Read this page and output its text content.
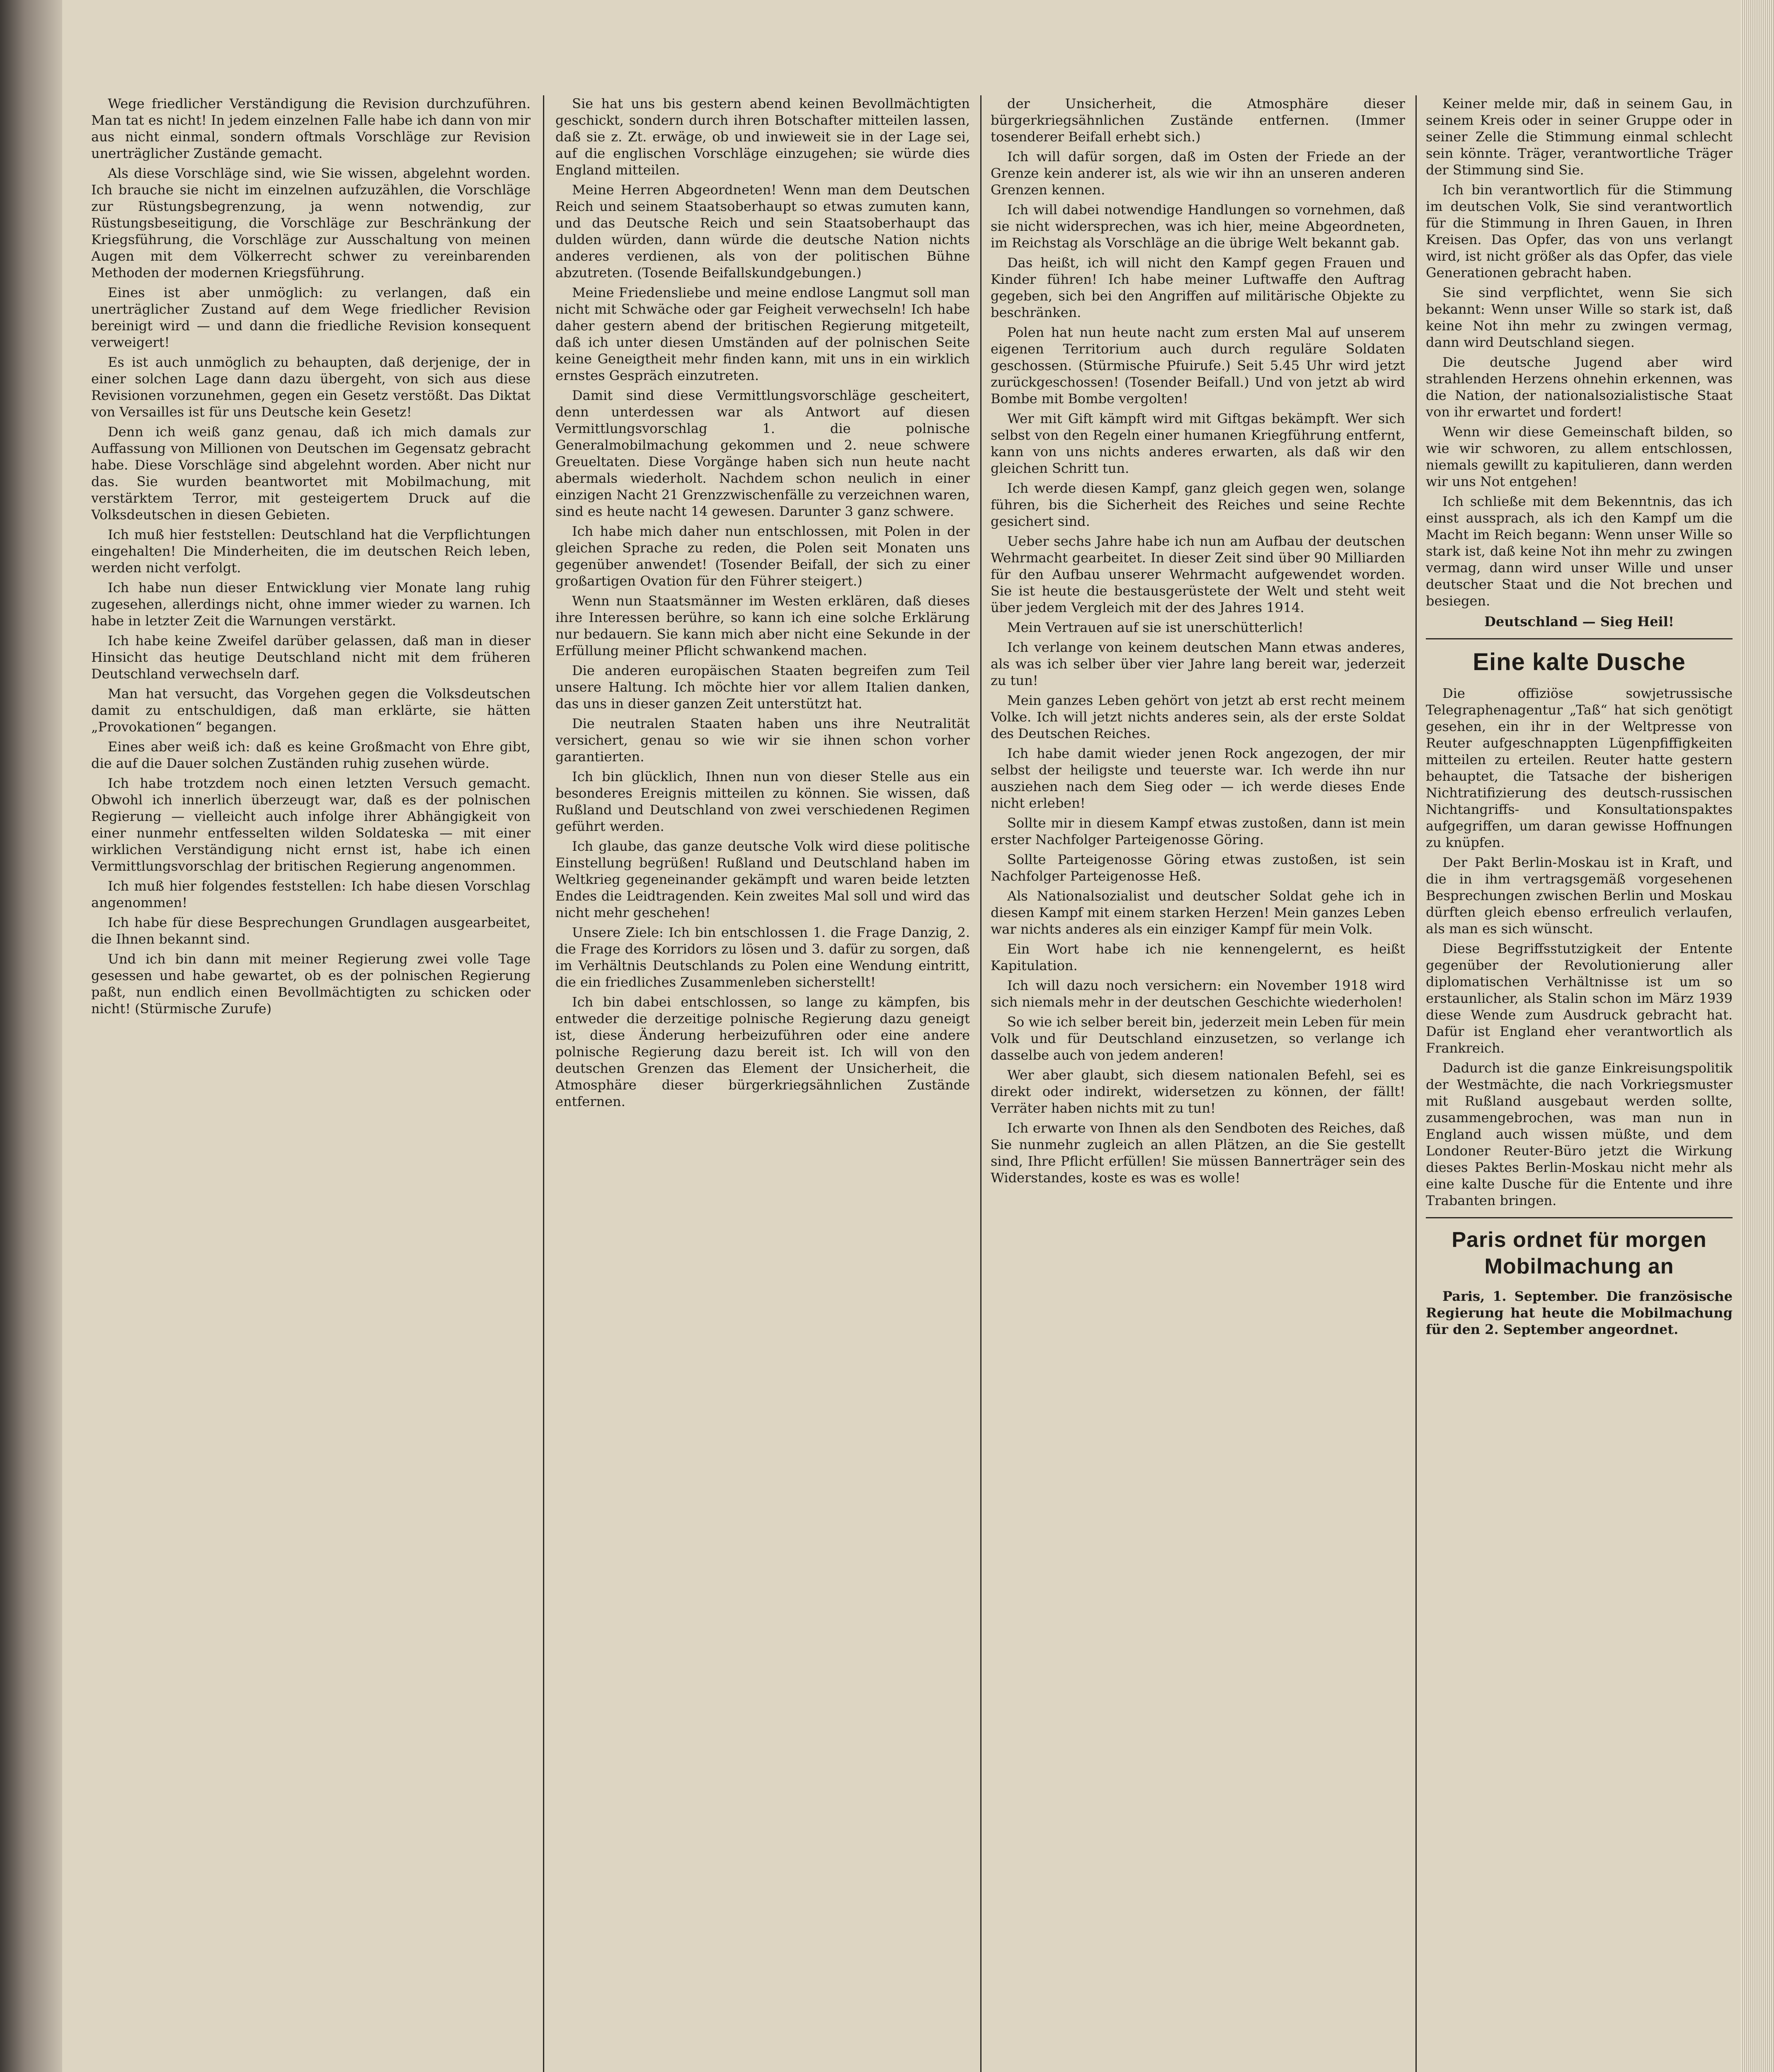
Wege friedlicher Verständigung die Revision durchzuführen. Man tat es nicht! In jedem einzelnen Falle habe ich dann von mir aus nicht einmal, sondern oftmals Vorschläge zur Revision unerträglicher Zustände gemacht.

Als diese Vorschläge sind, wie Sie wissen, abgelehnt worden. Ich brauche sie nicht im einzelnen aufzuzählen, die Vorschläge zur Rüstungsbegrenzung, ja wenn notwendig, zur Rüstungsbeseitigung, die Vorschläge zur Beschränkung der Kriegsführung, die Vorschläge zur Ausschaltung von meinen Augen mit dem Völkerrecht schwer zu vereinbarenden Methoden der modernen Kriegsführung.

Eines ist aber unmöglich: zu verlangen, daß ein unerträglicher Zustand auf dem Wege friedlicher Revision bereinigt wird — und dann die friedliche Revision konsequent verweigert!

Es ist auch unmöglich zu behaupten, daß derjenige, der in einer solchen Lage dann dazu übergeht, von sich aus diese Revisionen vorzunehmen, gegen ein Gesetz verstößt. Das Diktat von Versailles ist für uns Deutsche kein Gesetz!

Denn ich weiß ganz genau, daß ich mich damals zur Auffassung von Millionen von Deutschen im Gegensatz gebracht habe. Diese Vorschläge sind abgelehnt worden. Aber nicht nur das. Sie wurden beantwortet mit Mobilmachung, mit verstärktem Terror, mit gesteigertem Druck auf die Volksdeutschen in diesen Gebieten.

Ich muß hier feststellen: Deutschland hat die Verpflichtungen eingehalten! Die Minderheiten, die im deutschen Reich leben, werden nicht verfolgt.

Ich habe nun dieser Entwicklung vier Monate lang ruhig zugesehen, allerdings nicht, ohne immer wieder zu warnen. Ich habe in letzter Zeit die Warnungen verstärkt.

Ich habe keine Zweifel darüber gelassen, daß man in dieser Hinsicht das heutige Deutschland nicht mit dem früheren Deutschland verwechseln darf.

Man hat versucht, das Vorgehen gegen die Volksdeutschen damit zu entschuldigen, daß man erklärte, sie hätten „Provokationen“ begangen.

Eines aber weiß ich: daß es keine Großmacht von Ehre gibt, die auf die Dauer solchen Zuständen ruhig zusehen würde.

Ich habe trotzdem noch einen letzten Versuch gemacht. Obwohl ich innerlich überzeugt war, daß es der polnischen Regierung — vielleicht auch infolge ihrer Abhängigkeit von einer nunmehr entfesselten wilden Soldateska — mit einer wirklichen Verständigung nicht ernst ist, habe ich einen Vermittlungsvorschlag der britischen Regierung angenommen.

Ich muß hier folgendes feststellen: Ich habe diesen Vorschlag angenommen!

Ich habe für diese Besprechungen Grundlagen ausgearbeitet, die Ihnen bekannt sind.

Und ich bin dann mit meiner Regierung zwei volle Tage gesessen und habe gewartet, ob es der polnischen Regierung paßt, nun endlich einen Bevollmächtigten zu schicken oder nicht! (Stürmische Zurufe)

Sie hat uns bis gestern abend keinen Bevollmächtigten geschickt, sondern durch ihren Botschafter mitteilen lassen, daß sie z. Zt. erwäge, ob und inwieweit sie in der Lage sei, auf die englischen Vorschläge einzugehen; sie würde dies England mitteilen.

Meine Herren Abgeordneten! Wenn man dem Deutschen Reich und seinem Staatsoberhaupt so etwas zumuten kann, und das Deutsche Reich und sein Staatsoberhaupt das dulden würden, dann würde die deutsche Nation nichts anderes verdienen, als von der politischen Bühne abzutreten. (Tosende Beifallskundgebungen.)

Meine Friedensliebe und meine endlose Langmut soll man nicht mit Schwäche oder gar Feigheit verwechseln! Ich habe daher gestern abend der britischen Regierung mitgeteilt, daß ich unter diesen Umständen auf der polnischen Seite keine Geneigtheit mehr finden kann, mit uns in ein wirklich ernstes Gespräch einzutreten.

Damit sind diese Vermittlungsvorschläge gescheitert, denn unterdessen war als Antwort auf diesen Vermittlungsvorschlag 1. die polnische Generalmobilmachung gekommen und 2. neue schwere Greueltaten. Diese Vorgänge haben sich nun heute nacht abermals wiederholt. Nachdem schon neulich in einer einzigen Nacht 21 Grenzzwischenfälle zu verzeichnen waren, sind es heute nacht 14 gewesen. Darunter 3 ganz schwere.

Ich habe mich daher nun entschlossen, mit Polen in der gleichen Sprache zu reden, die Polen seit Monaten uns gegenüber anwendet! (Tosender Beifall, der sich zu einer großartigen Ovation für den Führer steigert.)

Wenn nun Staatsmänner im Westen erklären, daß dieses ihre Interessen berühre, so kann ich eine solche Erklärung nur bedauern. Sie kann mich aber nicht eine Sekunde in der Erfüllung meiner Pflicht schwankend machen.

Die anderen europäischen Staaten begreifen zum Teil unsere Haltung. Ich möchte hier vor allem Italien danken, das uns in dieser ganzen Zeit unterstützt hat.

Die neutralen Staaten haben uns ihre Neutralität versichert, genau so wie wir sie ihnen schon vorher garantierten.

Ich bin glücklich, Ihnen nun von dieser Stelle aus ein besonderes Ereignis mitteilen zu können. Sie wissen, daß Rußland und Deutschland von zwei verschiedenen Regimen geführt werden.

Ich glaube, das ganze deutsche Volk wird diese politische Einstellung begrüßen! Rußland und Deutschland haben im Weltkrieg gegeneinander gekämpft und waren beide letzten Endes die Leidtragenden. Kein zweites Mal soll und wird das nicht mehr geschehen!

Unsere Ziele: Ich bin entschlossen 1. die Frage Danzig, 2. die Frage des Korridors zu lösen und 3. dafür zu sorgen, daß im Verhältnis Deutschlands zu Polen eine Wendung eintritt, die ein friedliches Zusammenleben sicherstellt!

Ich bin dabei entschlossen, so lange zu kämpfen, bis entweder die derzeitige polnische Regierung dazu geneigt ist, diese Änderung herbeizuführen oder eine andere polnische Regierung dazu bereit ist. Ich will von den deutschen Grenzen das Element der Unsicherheit, die Atmosphäre dieser bürgerkriegsähnlichen Zustände entfernen.

der Unsicherheit, die Atmosphäre dieser bürgerkriegsähnlichen Zustände entfernen. (Immer tosenderer Beifall erhebt sich.)

Ich will dafür sorgen, daß im Osten der Friede an der Grenze kein anderer ist, als wie wir ihn an unseren anderen Grenzen kennen.

Ich will dabei notwendige Handlungen so vornehmen, daß sie nicht widersprechen, was ich hier, meine Abgeordneten, im Reichstag als Vorschläge an die übrige Welt bekannt gab.

Das heißt, ich will nicht den Kampf gegen Frauen und Kinder führen! Ich habe meiner Luftwaffe den Auftrag gegeben, sich bei den Angriffen auf militärische Objekte zu beschränken.

Polen hat nun heute nacht zum ersten Mal auf unserem eigenen Territorium auch durch reguläre Soldaten geschossen. (Stürmische Pfuirufe.) Seit 5.45 Uhr wird jetzt zurückgeschossen! (Tosender Beifall.) Und von jetzt ab wird Bombe mit Bombe vergolten!

Wer mit Gift kämpft wird mit Giftgas bekämpft. Wer sich selbst von den Regeln einer humanen Kriegführung entfernt, kann von uns nichts anderes erwarten, als daß wir den gleichen Schritt tun.

Ich werde diesen Kampf, ganz gleich gegen wen, solange führen, bis die Sicherheit des Reiches und seine Rechte gesichert sind.

Ueber sechs Jahre habe ich nun am Aufbau der deutschen Wehrmacht gearbeitet. In dieser Zeit sind über 90 Milliarden für den Aufbau unserer Wehrmacht aufgewendet worden. Sie ist heute die bestausgerüstete der Welt und steht weit über jedem Vergleich mit der des Jahres 1914.

Mein Vertrauen auf sie ist unerschütterlich!

Ich verlange von keinem deutschen Mann etwas anderes, als was ich selber über vier Jahre lang bereit war, jederzeit zu tun!

Mein ganzes Leben gehört von jetzt ab erst recht meinem Volke. Ich will jetzt nichts anderes sein, als der erste Soldat des Deutschen Reiches.

Ich habe damit wieder jenen Rock angezogen, der mir selbst der heiligste und teuerste war. Ich werde ihn nur ausziehen nach dem Sieg oder — ich werde dieses Ende nicht erleben!

Sollte mir in diesem Kampf etwas zustoßen, dann ist mein erster Nachfolger Parteigenosse Göring.

Sollte Parteigenosse Göring etwas zustoßen, ist sein Nachfolger Parteigenosse Heß.

Als Nationalsozialist und deutscher Soldat gehe ich in diesen Kampf mit einem starken Herzen! Mein ganzes Leben war nichts anderes als ein einziger Kampf für mein Volk.

Ein Wort habe ich nie kennengelernt, es heißt Kapitulation.

Ich will dazu noch versichern: ein November 1918 wird sich niemals mehr in der deutschen Geschichte wiederholen!

So wie ich selber bereit bin, jederzeit mein Leben für mein Volk und für Deutschland einzusetzen, so verlange ich dasselbe auch von jedem anderen!

Wer aber glaubt, sich diesem nationalen Befehl, sei es direkt oder indirekt, widersetzen zu können, der fällt! Verräter haben nichts mit zu tun!

Ich erwarte von Ihnen als den Sendboten des Reiches, daß Sie nunmehr zugleich an allen Plätzen, an die Sie gestellt sind, Ihre Pflicht erfüllen! Sie müssen Bannerträger sein des Widerstandes, koste es was es wolle!

Keiner melde mir, daß in seinem Gau, in seinem Kreis oder in seiner Gruppe oder in seiner Zelle die Stimmung einmal schlecht sein könnte. Träger, verantwortliche Träger der Stimmung sind Sie.

Ich bin verantwortlich für die Stimmung im deutschen Volk, Sie sind verantwortlich für die Stimmung in Ihren Gauen, in Ihren Kreisen. Das Opfer, das von uns verlangt wird, ist nicht größer als das Opfer, das viele Generationen gebracht haben.

Sie sind verpflichtet, wenn Sie sich bekannt: Wenn unser Wille so stark ist, daß keine Not ihn mehr zu zwingen vermag, dann wird Deutschland siegen.

Die deutsche Jugend aber wird strahlenden Herzens ohnehin erkennen, was die Nation, der nationalsozialistische Staat von ihr erwartet und fordert!

Wenn wir diese Gemeinschaft bilden, so wie wir schworen, zu allem entschlossen, niemals gewillt zu kapitulieren, dann werden wir uns Not entgehen!

Ich schließe mit dem Bekenntnis, das ich einst aussprach, als ich den Kampf um die Macht im Reich begann: Wenn unser Wille so stark ist, daß keine Not ihn mehr zu zwingen vermag, dann wird unser Wille und unser deutscher Staat und die Not brechen und besiegen.

Deutschland — Sieg Heil!
Eine kalte Dusche

Die offiziöse sowjetrussische Telegraphenagentur „Taß“ hat sich genötigt gesehen, ein ihr in der Weltpresse von Reuter aufgeschnappten Lügenpfiffigkeiten mitteilen zu erteilen. Reuter hatte gestern behauptet, die Tatsache der bisherigen Nichtratifizierung des deutsch-russischen Nichtangriffs- und Konsultationspaktes aufgegriffen, um daran gewisse Hoffnungen zu knüpfen.

Der Pakt Berlin-Moskau ist in Kraft, und die in ihm vertragsgemäß vorgesehenen Besprechungen zwischen Berlin und Moskau dürften gleich ebenso erfreulich verlaufen, als man es sich wünscht.

Diese Begriffsstutzigkeit der Entente gegenüber der Revolutionierung aller diplomatischen Verhältnisse ist um so erstaunlicher, als Stalin schon im März 1939 diese Wende zum Ausdruck gebracht hat. Dafür ist England eher verantwortlich als Frankreich.

Dadurch ist die ganze Einkreisungspolitik der Westmächte, die nach Vorkriegsmuster mit Rußland ausgebaut werden sollte, zusammengebrochen, was man nun in England auch wissen müßte, und dem Londoner Reuter-Büro jetzt die Wirkung dieses Paktes Berlin-Moskau nicht mehr als eine kalte Dusche für die Entente und ihre Trabanten bringen.

Paris ordnet für morgen Mobilmachung an

Paris, 1. September. Die französische Regierung hat heute die Mobilmachung für den 2. September angeordnet.
